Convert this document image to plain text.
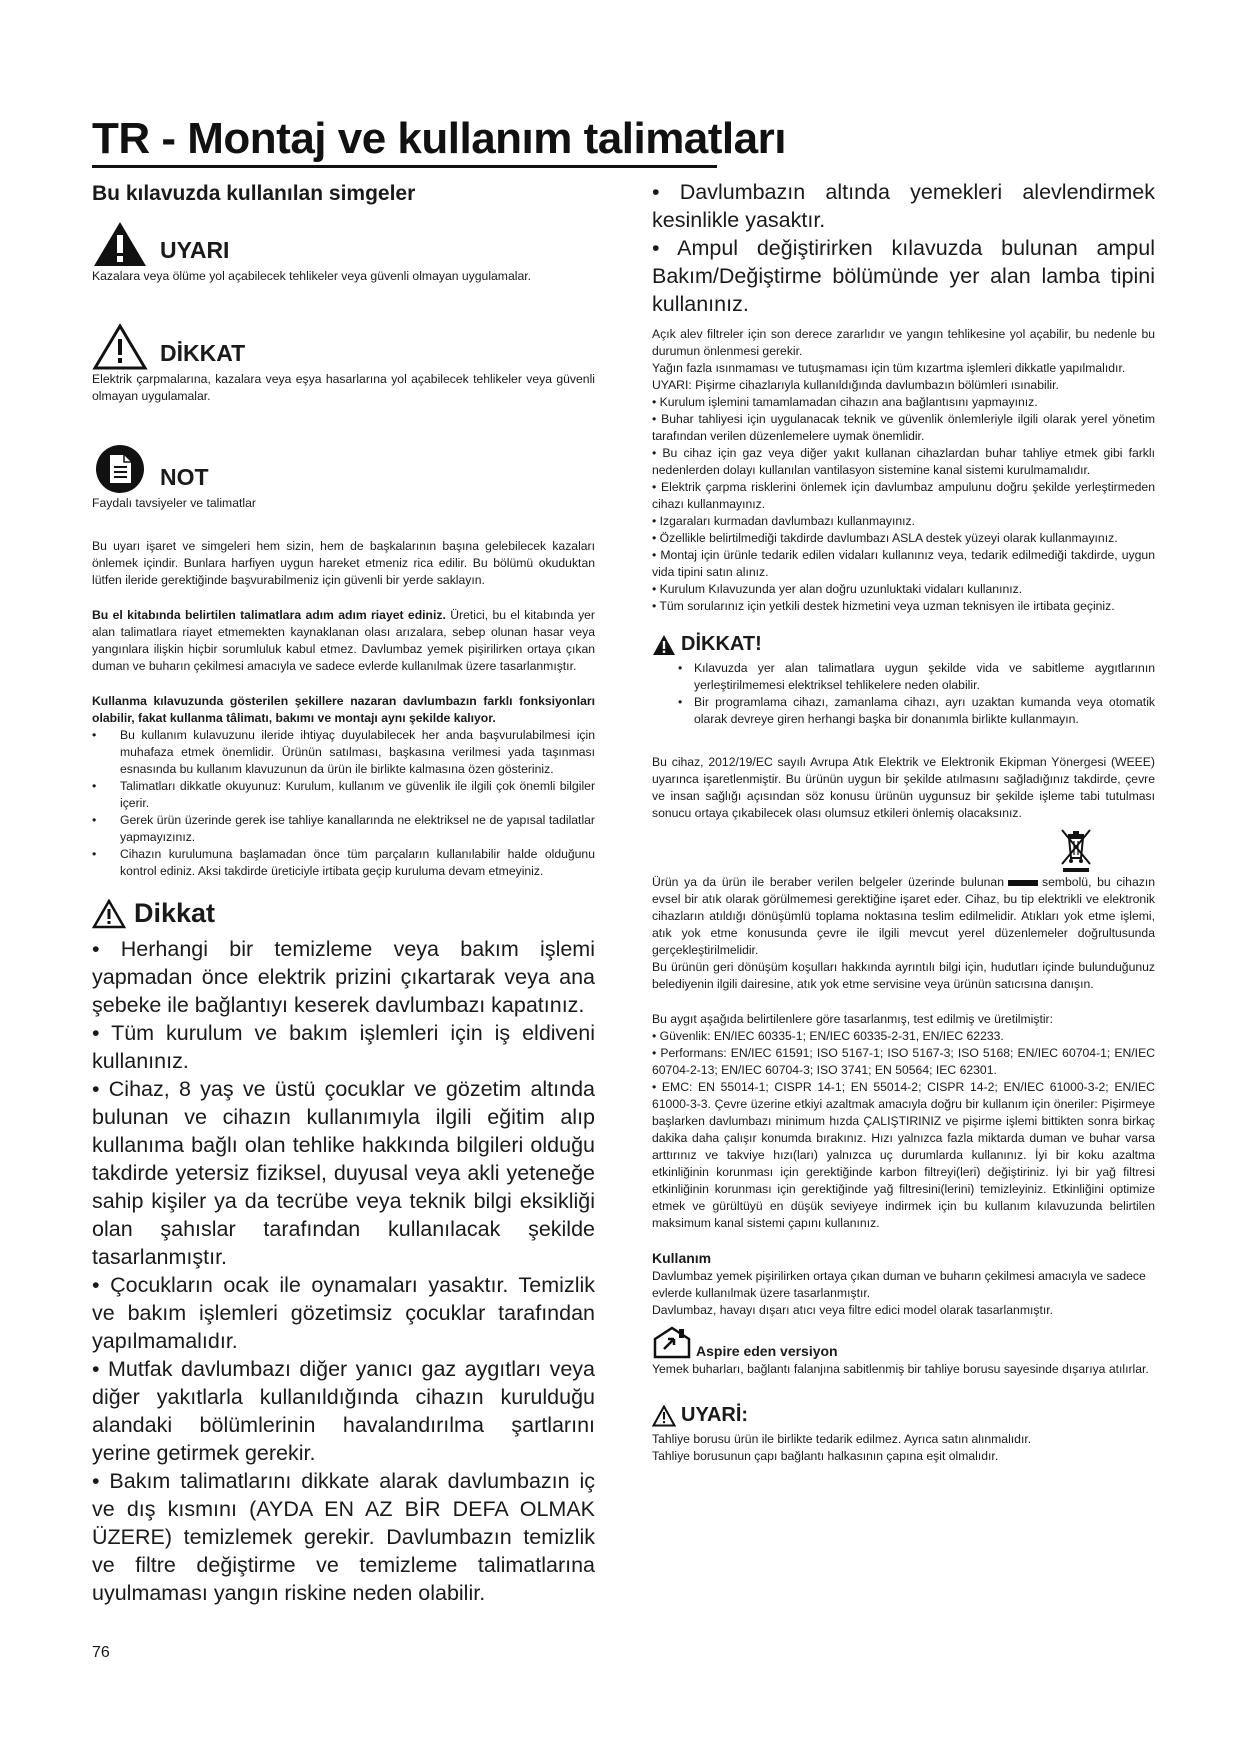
TR - Montaj ve kullanım talimatları
Bu kılavuzda kullanılan simgeler
UYARI

Kazalara veya ölüme yol açabilecek tehlikeler veya güvenli olmayan uygulamalar.

DİKKAT

Elektrik çarpmalarına, kazalara veya eşya hasarlarına yol açabilecek tehlikeler veya güvenli olmayan uygulamalar.

NOT

Faydalı tavsiyeler ve talimatlar

Bu uyarı işaret ve simgeleri hem sizin, hem de başkalarının başına gelebilecek kazaları önlemek içindir. Bunlara harfiyen uygun hareket etmeniz rica edilir. Bu bölümü okuduktan lütfen ileride gerektiğinde başvurabilmeniz için güvenli bir yerde saklayın.

Bu el kitabında belirtilen talimatlara adım adım riayet ediniz. Üretici, bu el kitabında yer alan talimatlara riayet etmemekten kaynaklanan olası arızalara, sebep olunan hasar veya yangınlara ilişkin hiçbir sorumluluk kabul etmez. Davlumbaz yemek pişirilirken ortaya çıkan duman ve buharın çekilmesi amacıyla ve sadece evlerde kullanılmak üzere tasarlanmıştır.

Kullanma kılavuzunda gösterilen şekillere nazaran davlumbazın farklı fonksiyonları olabilir, fakat kullanma tâlimatı, bakımı ve montajı aynı şekilde kalıyor.

•	Bu kullanım kulavuzunu ileride ihtiyaç duyulabilecek her anda başvurulabilmesi için muhafaza etmek önemlidir. Ürünün satılması, başkasına verilmesi yada taşınması esnasında bu kullanım klavuzunun da ürün ile birlikte kalmasına özen gösteriniz.
•	Talimatları dikkatle okuyunuz: Kurulum, kullanım ve güvenlik ile ilgili çok önemli bilgiler içerir.
•	Gerek ürün üzerinde gerek ise tahliye kanallarında ne elektriksel ne de yapısal tadilatlar yapmayızınız.
•	Cihazın kurulumuna başlamadan önce tüm parçaların kullanılabilir halde olduğunu kontrol ediniz. Aksi takdirde üreticiyle irtibata geçip kuruluma devam etmeyiniz.
Dikkat

• Herhangi bir temizleme veya bakım işlemi yapmadan önce elektrik prizini çıkartarak veya ana şebeke ile bağlantıyı keserek davlumbazı kapatınız.

• Tüm kurulum ve bakım işlemleri için iş eldiveni kullanınız.

• Cihaz, 8 yaş ve üstü çocuklar ve gözetim altında bulunan ve cihazın kullanımıyla ilgili eğitim alıp kullanıma bağlı olan tehlike hakkında bilgileri olduğu takdirde yetersiz fiziksel, duyusal veya akli yeteneğe sahip kişiler ya da tecrübe veya teknik bilgi eksikliği olan şahıslar tarafından kullanılacak şekilde tasarlanmıştır.

• Çocukların ocak ile oynamaları yasaktır. Temizlik ve bakım işlemleri gözetimsiz çocuklar tarafından yapılmamalıdır.

• Mutfak davlumbazı diğer yanıcı gaz aygıtları veya diğer yakıtlarla kullanıldığında cihazın kurulduğu alandaki bölümlerinin havalandırılma şartlarını yerine getirmek gerekir.

• Bakım talimatlarını dikkate alarak davlumbazın iç ve dış kısmını (AYDA EN AZ BİR DEFA OLMAK ÜZERE) temizlemek gerekir. Davlumbazın temizlik ve filtre değiştirme ve temizleme talimatlarına uyulmaması yangın riskine neden olabilir.

• Davlumbazın altında yemekleri alevlendirmek kesinlikle yasaktır.

• Ampul değiştirirken kılavuzda bulunan ampul Bakım/Değiştirme bölümünde yer alan lamba tipini kullanınız.

Açık alev filtreler için son derece zararlıdır ve yangın tehlikesine yol açabilir, bu nedenle bu durumun önlenmesi gerekir.

Yağın fazla ısınmaması ve tutuşmaması için tüm kızartma işlemleri dikkatle yapılmalıdır.

UYARI: Pişirme cihazlarıyla kullanıldığında davlumbazın bölümleri ısınabilir.

• Kurulum işlemini tamamlamadan cihazın ana bağlantısını yapmayınız.

• Buhar tahliyesi için uygulanacak teknik ve güvenlik önlemleriyle ilgili olarak yerel yönetim tarafından verilen düzenlemelere uymak önemlidir.

• Bu cihaz için gaz veya diğer yakıt kullanan cihazlardan buhar tahliye etmek gibi farklı nedenlerden dolayı kullanılan vantilasyon sistemine kanal sistemi kurulmamalıdır.

• Elektrik çarpma risklerini önlemek için davlumbaz ampulunu doğru şekilde yerleştirmeden cihazı kullanmayınız.

• Izgaraları kurmadan davlumbazı kullanmayınız.

• Özellikle belirtilmediği takdirde davlumbazı ASLA destek yüzeyi olarak kullanmayınız.

• Montaj için ürünle tedarik edilen vidaları kullanınız veya, tedarik edilmediği takdirde, uygun vida tipini satın alınız.

• Kurulum Kılavuzunda yer alan doğru uzunluktaki vidaları kullanınız.

• Tüm sorularınız için yetkili destek hizmetini veya uzman teknisyen ile irtibata geçiniz.

DİKKAT!
• Kılavuzda yer alan talimatlara uygun şekilde vida ve sabitleme aygıtlarının yerleştirilmemesi elektriksel tehlikelere neden olabilir.
• Bir programlama cihazı, zamanlama cihazı, ayrı uzaktan kumanda veya otomatik olarak devreye giren herhangi başka bir donanımla birlikte kullanmayın.

Bu cihaz, 2012/19/EC sayılı Avrupa Atık Elektrik ve Elektronik Ekipman Yönergesi (WEEE) uyarınca işaretlenmiştir. Bu ürünün uygun bir şekilde atılmasını sağladığınız takdirde, çevre ve insan sağlığı açısından söz konusu ürünün uygunsuz bir şekilde işleme tabi tutulması sonucu ortaya çıkabilecek olası olumsuz etkileri önlemiş olacaksınız.

Ürün ya da ürün ile beraber verilen belgeler üzerinde bulunan	sembolü, bu cihazın evsel bir atık olarak görülmemesi gerektiğine işaret eder. Cihaz, bu tip elektrikli ve elektronik cihazların atıldığı dönüşümlü toplama noktasına teslim edilmelidir. Atıkları yok etme işlemi, atık yok etme konusunda çevre ile ilgili mevcut yerel düzenlemeler doğrultusunda gerçekleştirilmelidir.

Bu ürünün geri dönüşüm koşulları hakkında ayrıntılı bilgi için, hudutları içinde bulunduğunuz belediyenin ilgili dairesine, atık yok etme servisine veya ürünün satıcısına danışın.

Bu aygıt aşağıda belirtilenlere göre tasarlanmış, test edilmiş ve üretilmiştir:

• Güvenlik: EN/IEC 60335-1; EN/IEC 60335-2-31, EN/IEC 62233.

• Performans: EN/IEC 61591; ISO 5167-1; ISO 5167-3; ISO 5168; EN/IEC 60704-1; EN/IEC 60704-2-13; EN/IEC 60704-3; ISO 3741; EN 50564; IEC 62301.

• EMC: EN 55014-1; CISPR 14-1; EN 55014-2; CISPR 14-2; EN/IEC 61000-3-2; EN/IEC 61000-3-3. Çevre üzerine etkiyi azaltmak amacıyla doğru bir kullanım için öneriler: Pişirmeye başlarken davlumbazı minimum hızda ÇALIŞTIRINIZ ve pişirme işlemi bittikten sonra birkaç dakika daha çalışır konumda bırakınız. Hızı yalnızca fazla miktarda duman ve buhar varsa arttırınız ve takviye hızı(ları) yalnızca uç durumlarda kullanınız. İyi bir koku azaltma etkinliğinin korunması için gerektiğinde karbon filtreyi(leri) değiştiriniz. İyi bir yağ filtresi etkinliğinin korunması için gerektiğinde yağ filtresini(lerini) temizleyiniz. Etkinliğini optimize etmek ve gürültüyü en düşük seviyeye indirmek için bu kullanım kılavuzunda belirtilen maksimum kanal sistemi çapını kullanınız.

Kullanım

Davlumbaz yemek pişirilirken ortaya çıkan duman ve buharın çekilmesi amacıyla ve sadece evlerde kullanılmak üzere tasarlanmıştır.

Davlumbaz, havayı dışarı atıcı veya filtre edici model olarak tasarlanmıştır.

Aspire eden versiyon

Yemek buharları, bağlantı falanjına sabitlenmiş bir tahliye borusu sayesinde dışarıya atılırlar.

UYARİ:

Tahliye borusu ürün ile birlikte tedarik edilmez. Ayrıca satın alınmalıdır.

Tahliye borusunun çapı bağlantı halkasının çapına eşit olmalıdır.

76
